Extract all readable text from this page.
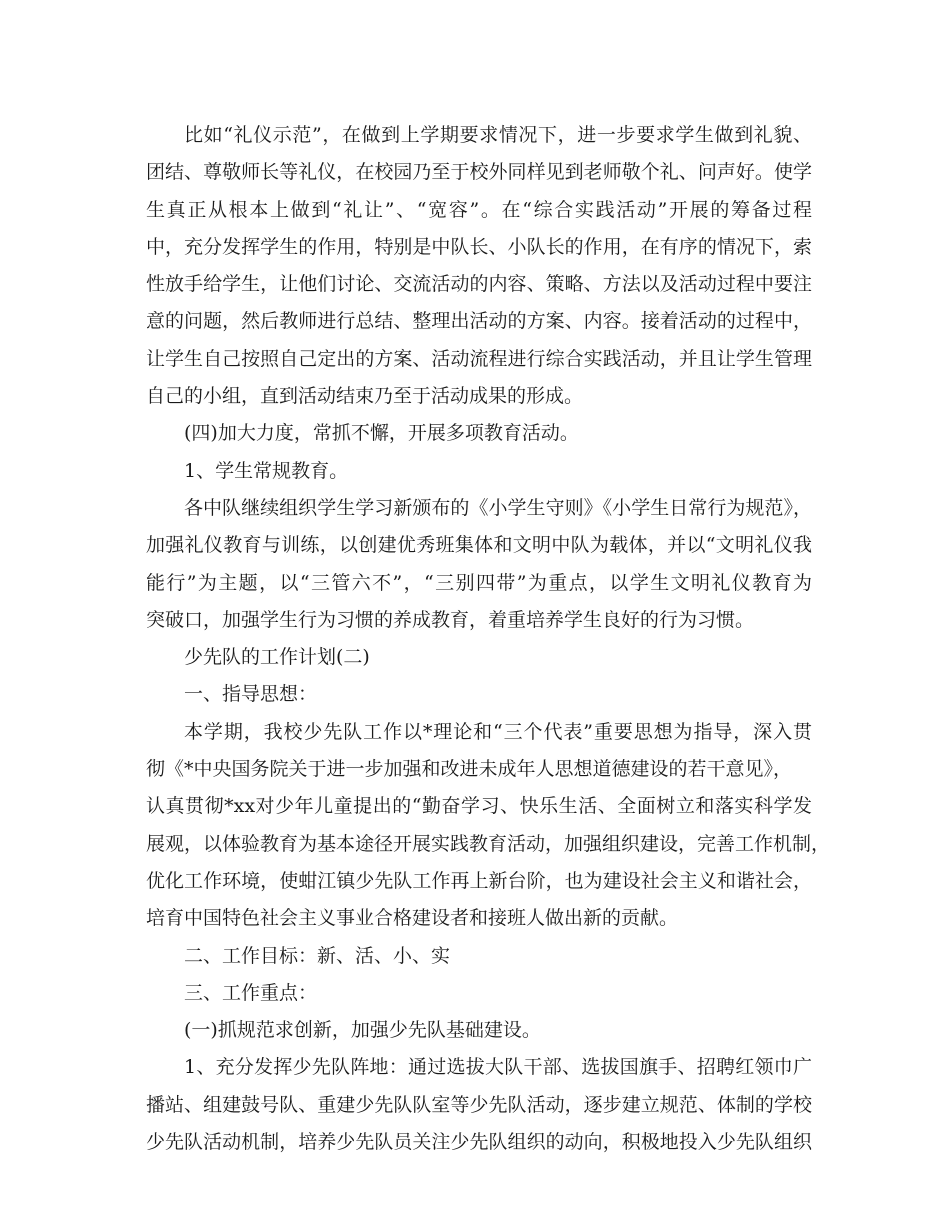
比如“礼仪示范”，在做到上学期要求情况下，进一步要求学生做到礼貌、
团结、尊敬师长等礼仪，在校园乃至于校外同样见到老师敬个礼、问声好。使学
生真正从根本上做到“礼让”、“宽容”。在“综合实践活动”开展的筹备过程
中，充分发挥学生的作用，特别是中队长、小队长的作用，在有序的情况下，索
性放手给学生，让他们讨论、交流活动的内容、策略、方法以及活动过程中要注
意的问题，然后教师进行总结、整理出活动的方案、内容。接着活动的过程中，
让学生自己按照自己定出的方案、活动流程进行综合实践活动，并且让学生管理
自己的小组，直到活动结束乃至于活动成果的形成。
(四)加大力度，常抓不懈，开展多项教育活动。
1、学生常规教育。
各中队继续组织学生学习新颁布的《小学生守则》《小学生日常行为规范》，
加强礼仪教育与训练，以创建优秀班集体和文明中队为载体，并以“文明礼仪我
能行”为主题，以“三管六不”，“三别四带”为重点，以学生文明礼仪教育为
突破口，加强学生行为习惯的养成教育，着重培养学生良好的行为习惯。
少先队的工作计划(二)
一、指导思想：
本学期，我校少先队工作以*理论和“三个代表”重要思想为指导，深入贯
彻《*中央国务院关于进一步加强和改进未成年人思想道德建设的若干意见》，
认真贯彻*xx对少年儿童提出的“勤奋学习、快乐生活、全面树立和落实科学发
展观，以体验教育为基本途径开展实践教育活动，加强组织建设，完善工作机制，
优化工作环境，使蚶江镇少先队工作再上新台阶，也为建设社会主义和谐社会，
培育中国特色社会主义事业合格建设者和接班人做出新的贡献。
二、工作目标：新、活、小、实
三、工作重点：
(一)抓规范求创新，加强少先队基础建设。
1、充分发挥少先队阵地：通过选拔大队干部、选拔国旗手、招聘红领巾广
播站、组建鼓号队、重建少先队队室等少先队活动，逐步建立规范、体制的学校
少先队活动机制，培养少先队员关注少先队组织的动向，积极地投入少先队组织
